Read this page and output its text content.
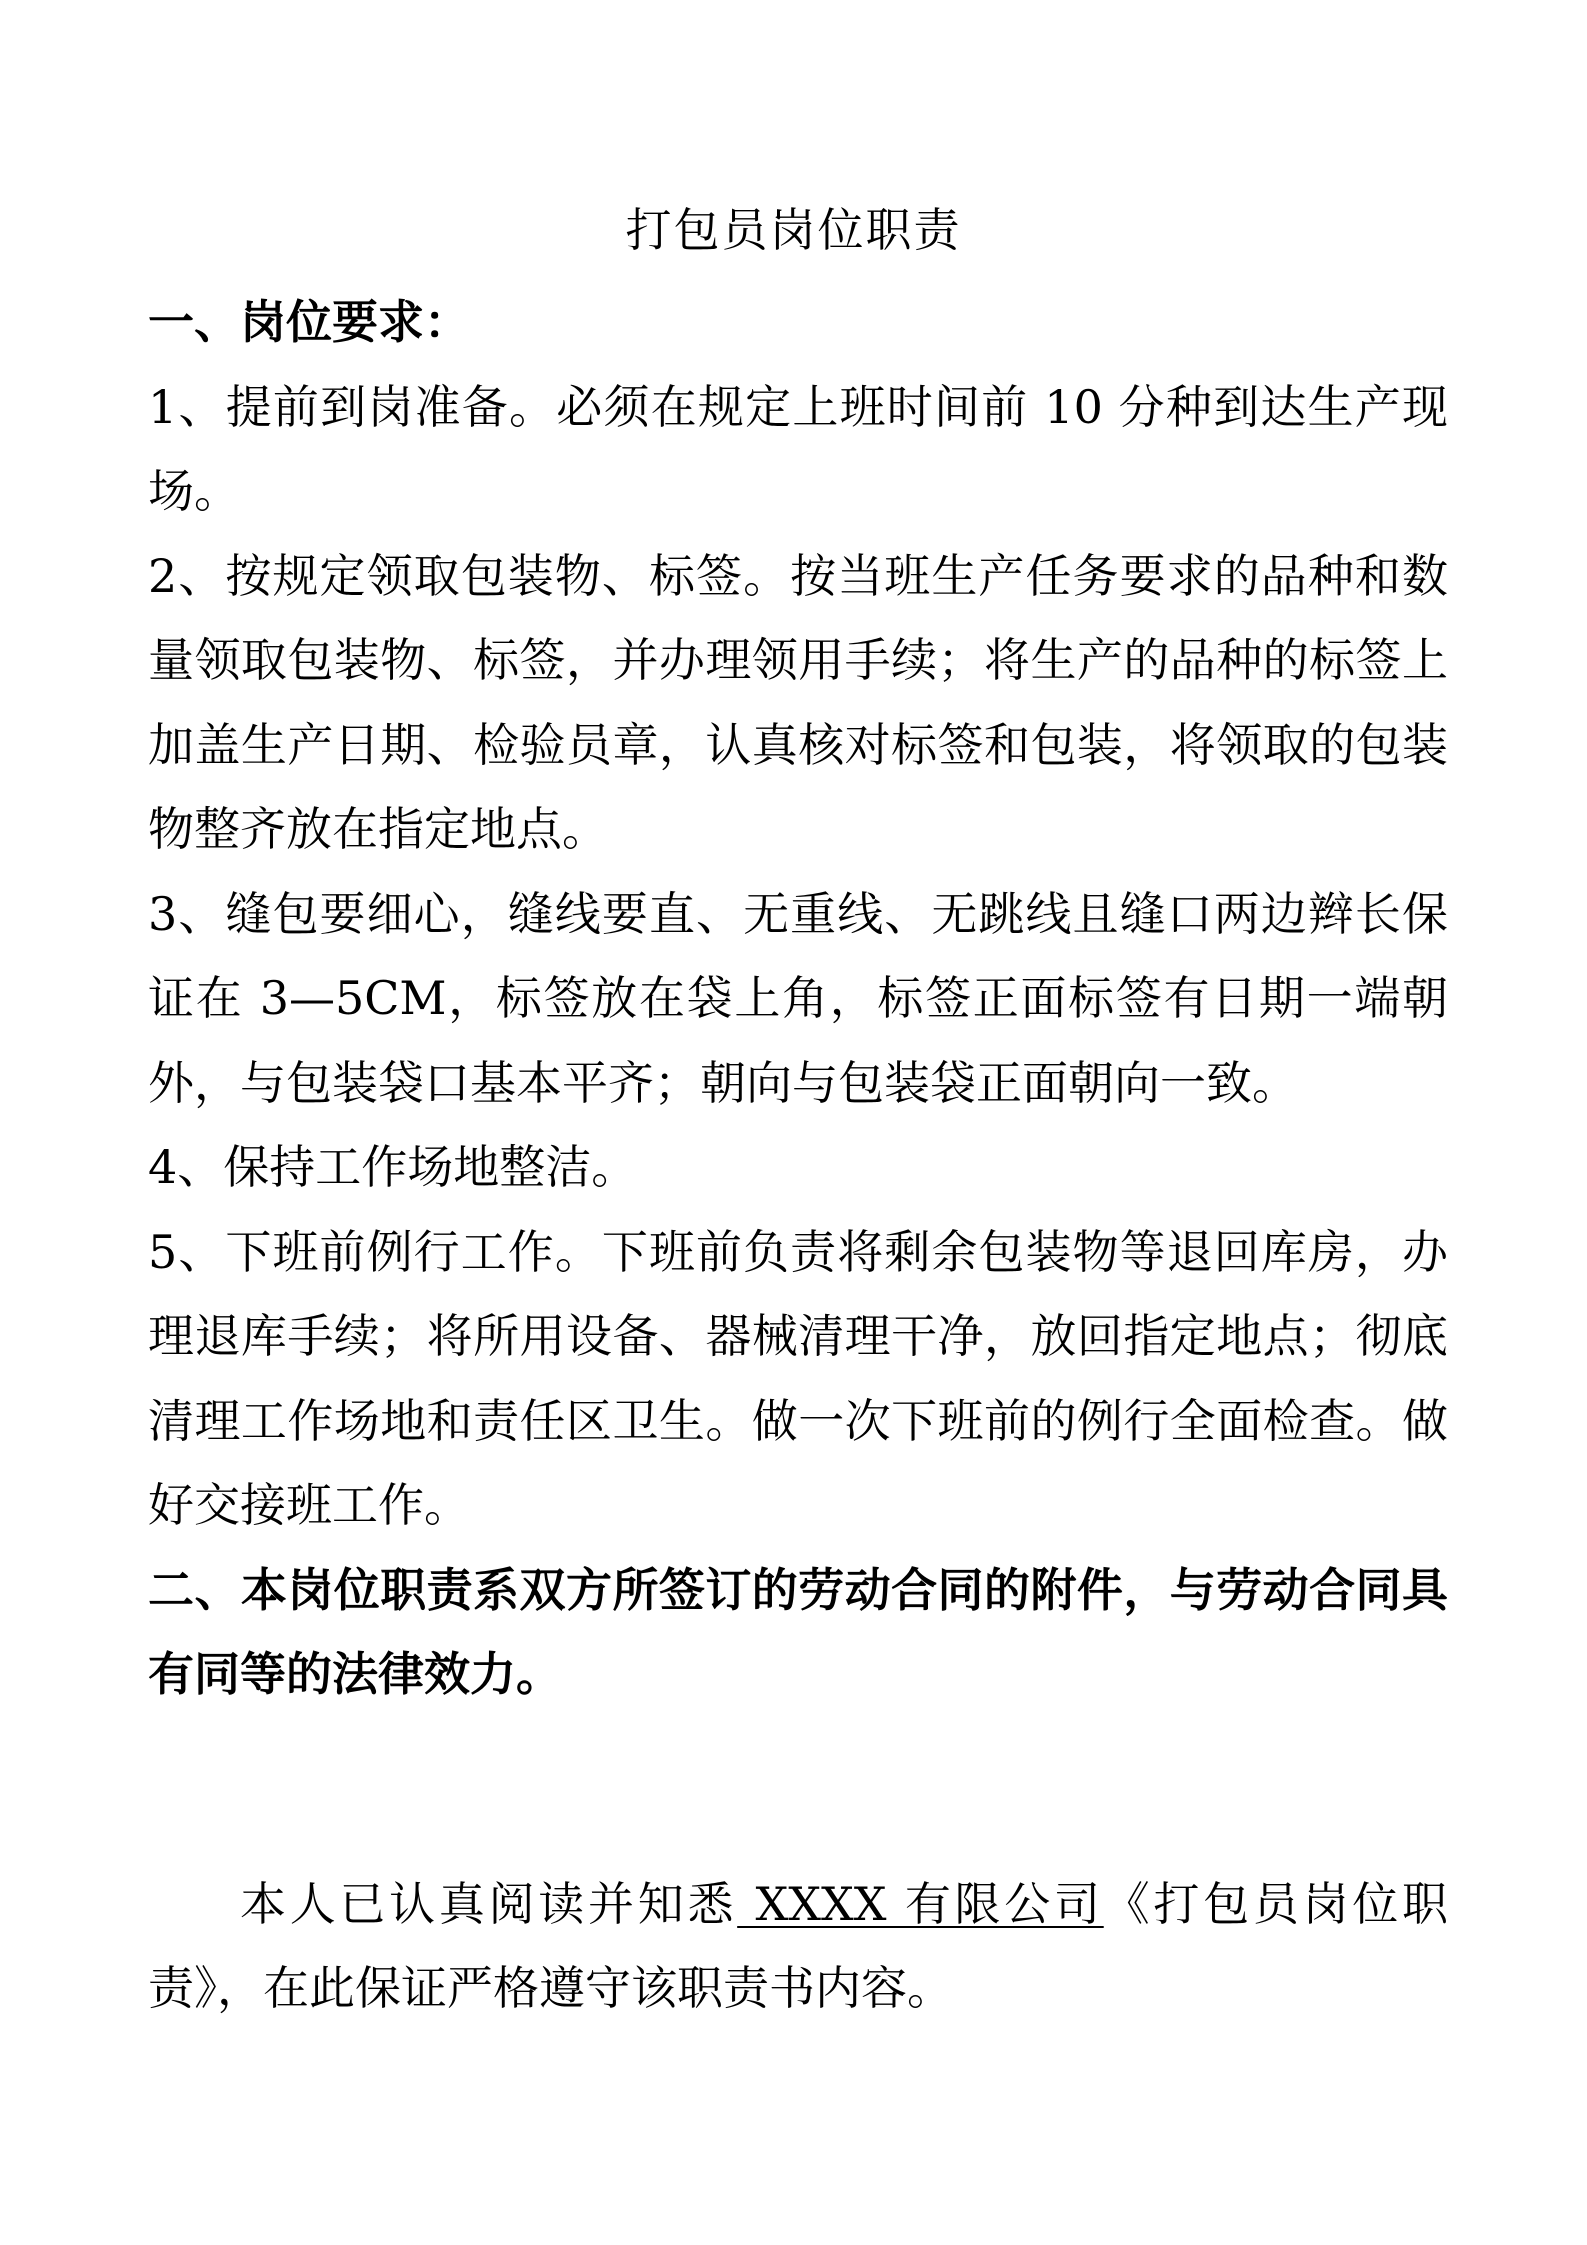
打包员岗位职责

一、岗位要求：

1、提前到岗准备。必须在规定上班时间前 10 分种到达生产现场。

2、按规定领取包装物、标签。按当班生产任务要求的品种和数量领取包装物、标签，并办理领用手续；将生产的品种的标签上加盖生产日期、检验员章，认真核对标签和包装，将领取的包装物整齐放在指定地点。

3、缝包要细心，缝线要直、无重线、无跳线且缝口两边辫长保证在 3—5CM，标签放在袋上角，标签正面标签有日期一端朝外，与包装袋口基本平齐；朝向与包装袋正面朝向一致。

4、保持工作场地整洁。

5、下班前例行工作。下班前负责将剩余包装物等退回库房，办理退库手续；将所用设备、器械清理干净，放回指定地点；彻底清理工作场地和责任区卫生。做一次下班前的例行全面检查。做好交接班工作。

二、本岗位职责系双方所签订的劳动合同的附件，与劳动合同具有同等的法律效力。

本人已认真阅读并知悉 XXXX 有限公司《打包员岗位职责》，在此保证严格遵守该职责书内容。
